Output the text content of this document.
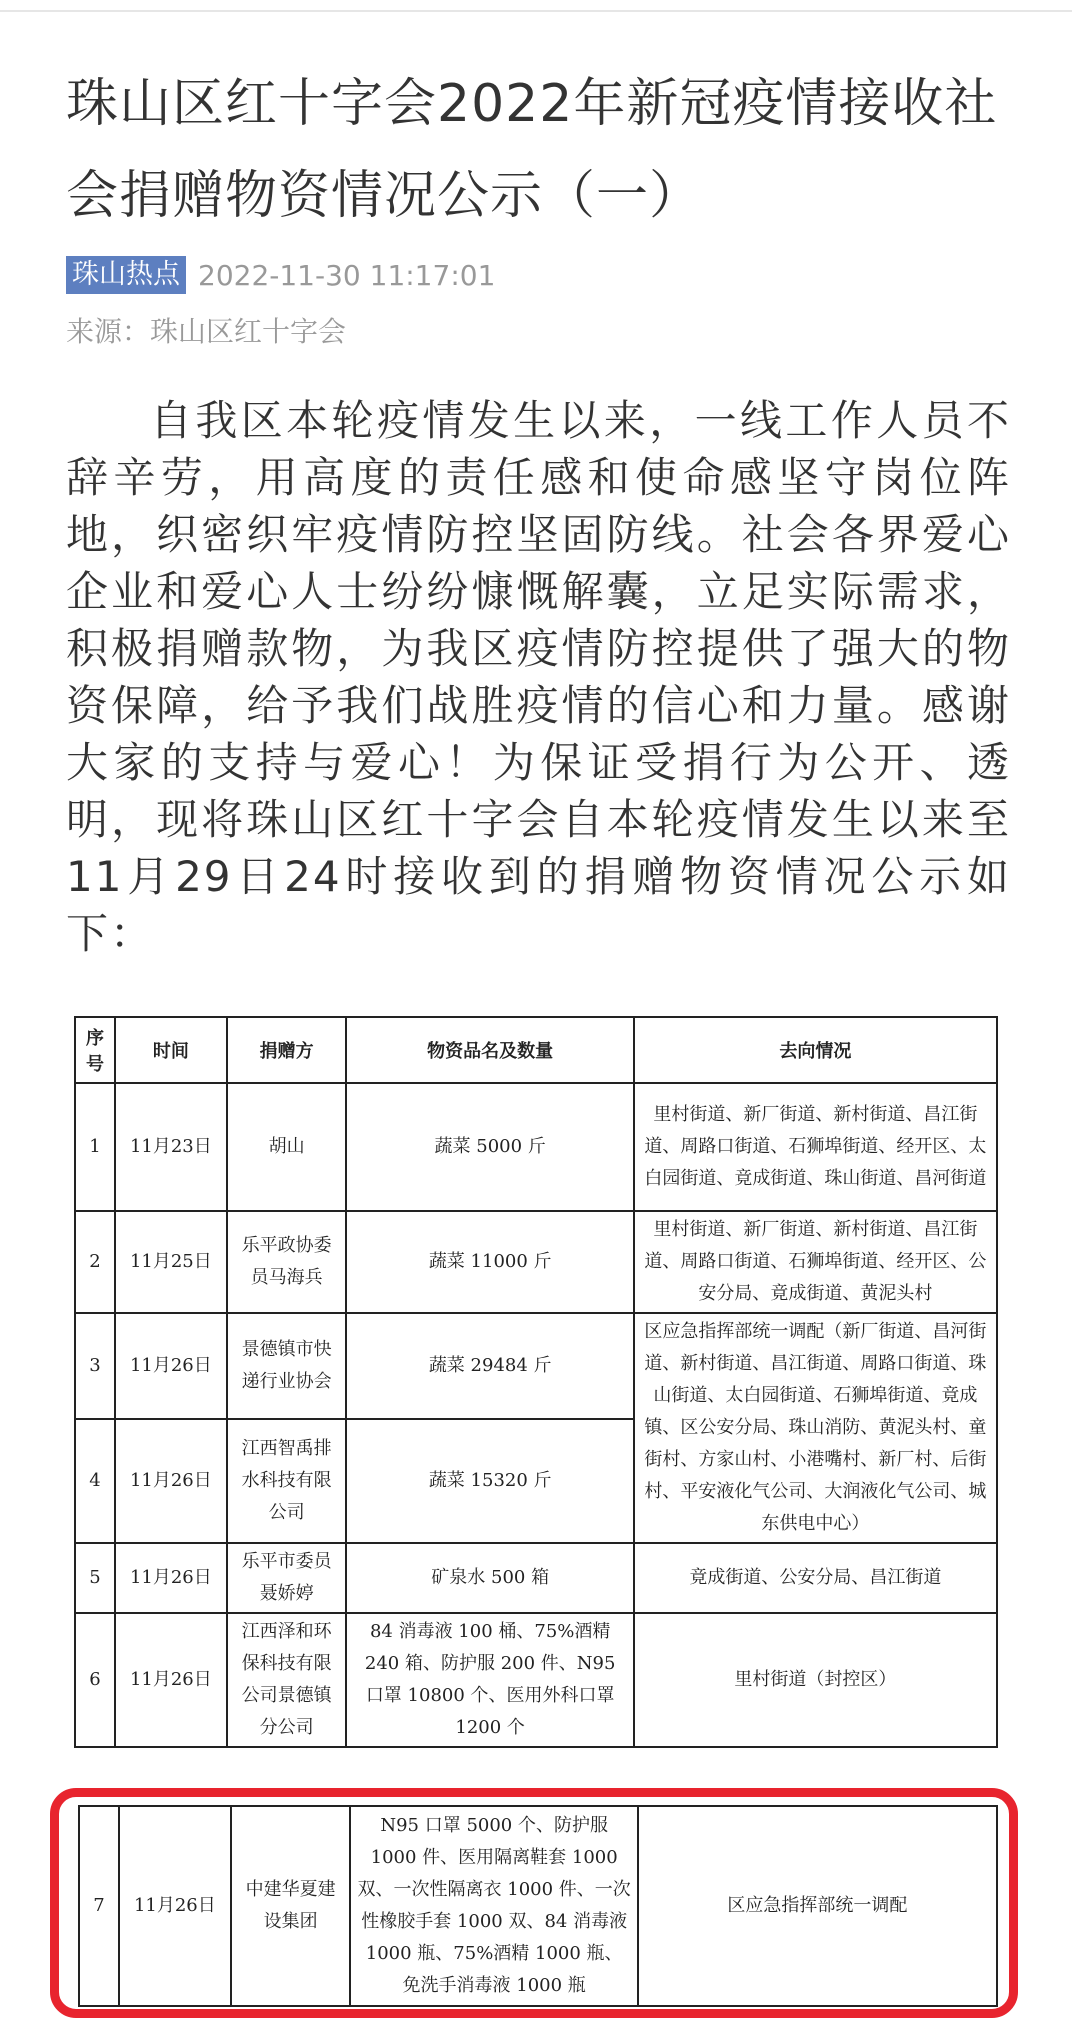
珠山区红十字会2022年新冠疫情接收社会捐赠物资情况公示（一）
珠山热点 2022-11-30 11:17:01
来源：珠山区红十字会

自我区本轮疫情发生以来，一线工作人员不辞辛劳，用高度的责任感和使命感坚守岗位阵地，织密织牢疫情防控坚固防线。社会各界爱心企业和爱心人士纷纷慷慨解囊，立足实际需求，积极捐赠款物，为我区疫情防控提供了强大的物资保障，给予我们战胜疫情的信心和力量。感谢大家的支持与爱心！为保证受捐行为公开、透明，现将珠山区红十字会自本轮疫情发生以来至11月29日24时接收到的捐赠物资情况公示如下：

序号	时间	捐赠方	物资品名及数量	去向情况
1	11月23日	胡山	蔬菜 5000 斤	里村街道、新厂街道、新村街道、昌江街道、周路口街道、石狮埠街道、经开区、太白园街道、竟成街道、珠山街道、昌河街道
2	11月25日	乐平政协委员马海兵	蔬菜 11000 斤	里村街道、新厂街道、新村街道、昌江街道、周路口街道、石狮埠街道、经开区、公安分局、竟成街道、黄泥头村
3	11月26日	景德镇市快递行业协会	蔬菜 29484 斤	区应急指挥部统一调配（新厂街道、昌河街道、新村街道、昌江街道、周路口街道、珠山街道、太白园街道、石狮埠街道、竟成镇、区公安分局、珠山消防、黄泥头村、童街村、方家山村、小港嘴村、新厂村、后街村、平安液化气公司、大润液化气公司、城东供电中心）
4	11月26日	江西智禹排水科技有限公司	蔬菜 15320 斤	
5	11月26日	乐平市委员聂娇婷	矿泉水 500 箱	竟成街道、公安分局、昌江街道
6	11月26日	江西泽和环保科技有限公司景德镇分公司	84 消毒液 100 桶、75%酒精 240 箱、防护服 200 件、N95 口罩 10800 个、医用外科口罩 1200 个	里村街道（封控区）
7	11月26日	中建华夏建设集团	N95 口罩 5000 个、防护服 1000 件、医用隔离鞋套 1000 双、一次性隔离衣 1000 件、一次性橡胶手套 1000 双、84 消毒液 1000 瓶、75%酒精 1000 瓶、免洗手消毒液 1000 瓶	区应急指挥部统一调配
